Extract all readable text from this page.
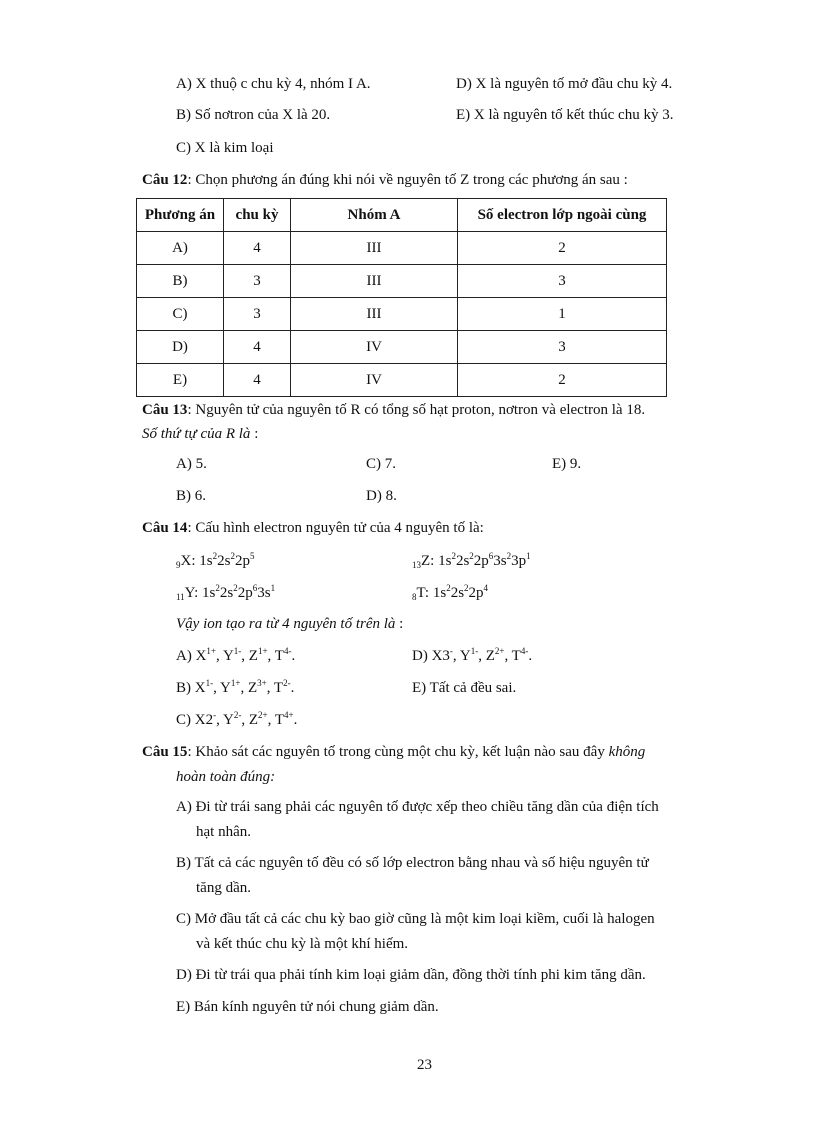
A) X thuộ c chu kỳ 4, nhóm I A.	D) X là nguyên tố mở đầu chu kỳ 4.
B) Số nơtron của X là 20.	E) X là nguyên tố kết thúc chu kỳ 3.
C) X là kim loại
Câu 12: Chọn phương án đúng khi nói về nguyên tố Z trong các phương án sau :
Phương án	chu kỳ	Nhóm A	Số electron lớp ngoài cùng
A)	4	III	2
B)	3	III	3
C)	3	III	1
D)	4	IV	3
E)	4	IV	2
Câu 13: Nguyên tử của nguyên tố R có tổng số hạt proton, nơtron và electron là 18.
Số thứ tự của R là :
A) 5.	C) 7.	E) 9.
B) 6.	D) 8.
Câu 14: Cấu hình electron nguyên tử của 4 nguyên tố là:
$_9$X: $1s^22s^22p^5$
$_{13}$Z: $1s^22s^22p^63s^23p^1$
$_{11}$Y: $1s^22s^22p^63s^1$
$_8$T: $1s^22s^22p^4$
Vậy ion tạo ra từ 4 nguyên tố trên là :
A) $X^{1+}$, $Y^{1-}$, $Z^{1+}$, $T^{4-}$.	D) X3-, $Y^{1-}$, $Z^{2+}$, $T^{4-}$.
B) $X^{1-}$, $Y^{1+}$, $Z^{3+}$, $T^{2-}$.	E) Tất cả đều sai.
C) X2-, $Y^{2-}$, $Z^{2+}$, $T^{4+}$.
Câu 15: Khảo sát các nguyên tố trong cùng một chu kỳ, kết luận nào sau đây không
hoàn toàn đúng:
A) Đi từ trái sang phải các nguyên tố được xếp theo chiều tăng dần của điện tích
hạt nhân.
B) Tất cả các nguyên tố đều có số lớp electron bằng nhau và số hiệu nguyên tử
tăng dần.
C) Mở đầu tất cả các chu kỳ bao giờ cũng là một kim loại kiềm, cuối là halogen
và kết thúc chu kỳ là một khí hiếm.
D) Đi từ trái qua phải tính kim loại giảm dần, đồng thời tính phi kim tăng dần.
E) Bán kính nguyên tử nói chung giảm dần.
23
